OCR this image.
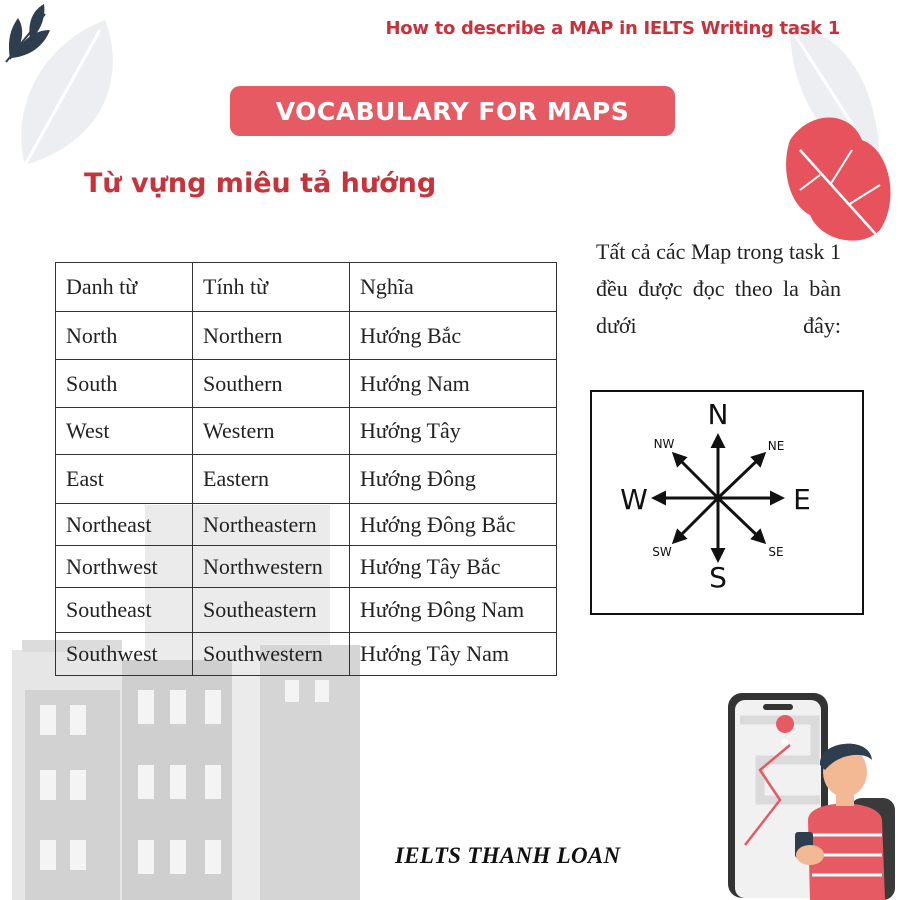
How to describe a MAP in IELTS Writing task 1
VOCABULARY FOR MAPS
Từ vựng miêu tả hướng
Danh từ	Tính từ	Nghĩa
North	Northern	Hướng Bắc
South	Southern	Hướng Nam
West	Western	Hướng Tây
East	Eastern	Hướng Đông
Northeast	Northeastern	Hướng Đông Bắc
Northwest	Northwestern	Hướng Tây Bắc
Southeast	Southeastern	Hướng Đông Nam
Southwest	Southwestern	Hướng Tây Nam
Tất cả các Map trong task 1 đều được đọc theo la bàn dưới đây:
N
S
E
W
NE
NW
SE
SW
IELTS THANH LOAN
